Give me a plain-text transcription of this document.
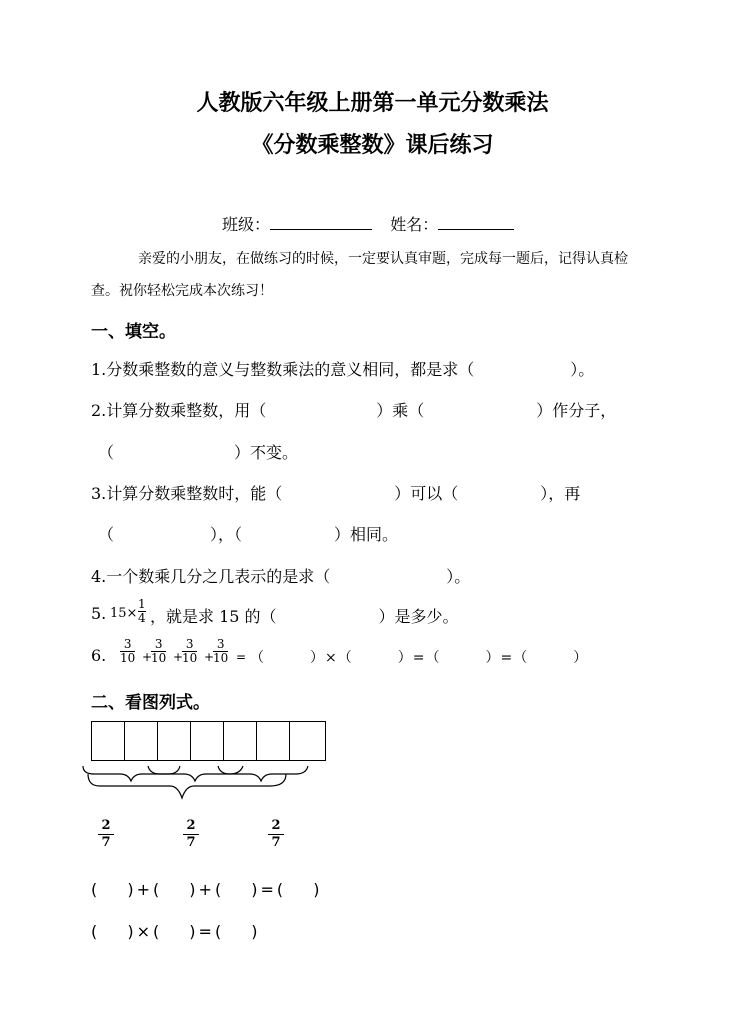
人教版六年级上册第一单元分数乘法
《分数乘整数》课后练习
班级：	姓名：
亲爱的小朋友，在做练习的时候，一定要认真审题，完成每一题后，记得认真检
查。祝你轻松完成本次练习！
一、填空。
1.分数乘整数的意义与整数乘法的意义相同，都是求（	）。
2.计算分数乘整数，用（	）乘（	）作分子，
（	）不变。
3.计算分数乘整数时，能（	）可以（	），再
（	），（	）相同。
4.一个数乘几分之几表示的是求（	）。
5. 15×
1
4 ，就是求 15 的（	）是多少。
6.
3
10 +
3
10 +
3
10 +
3
10 = （　　　）×（　　　）=（　　　）=（　　　）
二、看图列式。
2
7
2
7
2
7
(　 )+(　 )+(　 )=(　 )
(　 )×(　 )=(　 )
